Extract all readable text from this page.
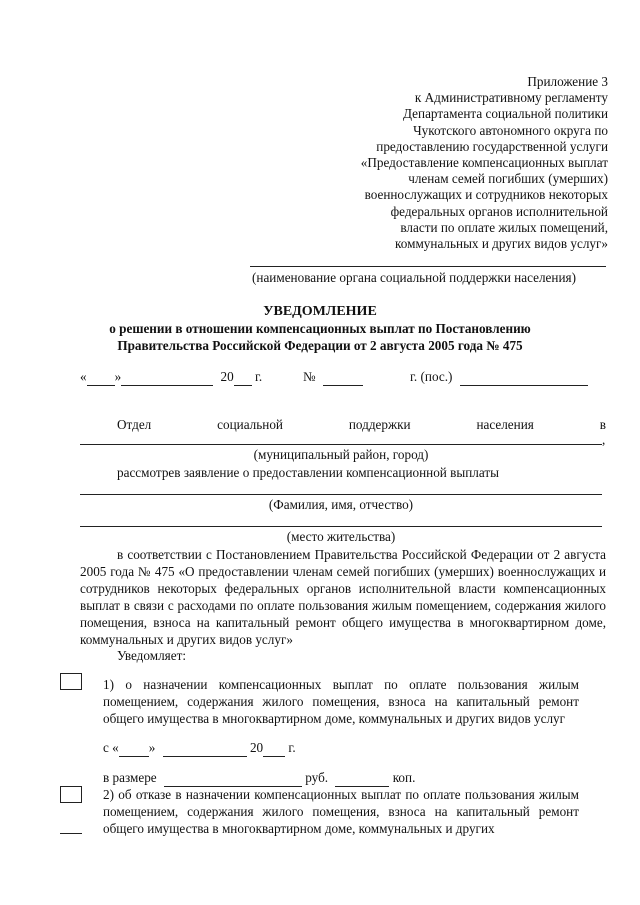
Приложение 3
к Административному регламенту
Департамента социальной политики
Чукотского автономного округа по
предоставлению государственной услуги
«Предоставление компенсационных выплат
членам семей погибших (умерших)
военнослужащих и сотрудников некоторых
федеральных органов исполнительной
власти по оплате жилых помещений,
коммунальных и других видов услуг»
(наименование органа социальной поддержки населения)
УВЕДОМЛЕНИЕ
о решении в отношении компенсационных выплат по Постановлению
Правительства Российской Федерации от 2 августа 2005 года № 475
« »	20 г.	№	г. (пос.)
Отдел	социальной	поддержки	населения	в
,
(муниципальный район, город)
рассмотрев заявление о предоставлении компенсационной выплаты
(Фамилия, имя, отчество)
(место жительства)
в соответствии с Постановлением Правительства Российской Федерации от 2 августа 2005 года № 475 «О предоставлении членам семей погибших (умерших) военнослужащих и сотрудников некоторых федеральных органов исполнительной власти компенсационных выплат в связи с расходами по оплате пользования жилым помещением, содержания жилого помещения, взноса на капитальный ремонт общего имущества в многоквартирном доме, коммунальных и других видов услуг»
Уведомляет:
1) о назначении компенсационных выплат по оплате пользования жилым помещением, содержания жилого помещения, взноса на капитальный ремонт общего имущества в многоквартирном доме, коммунальных и других видов услуг
с « »	20 г.
в размере	руб.	коп.
2) об отказе в назначении компенсационных выплат по оплате пользования жилым помещением, содержания жилого помещения, взноса на капитальный ремонт общего имущества в многоквартирном доме, коммунальных и других
